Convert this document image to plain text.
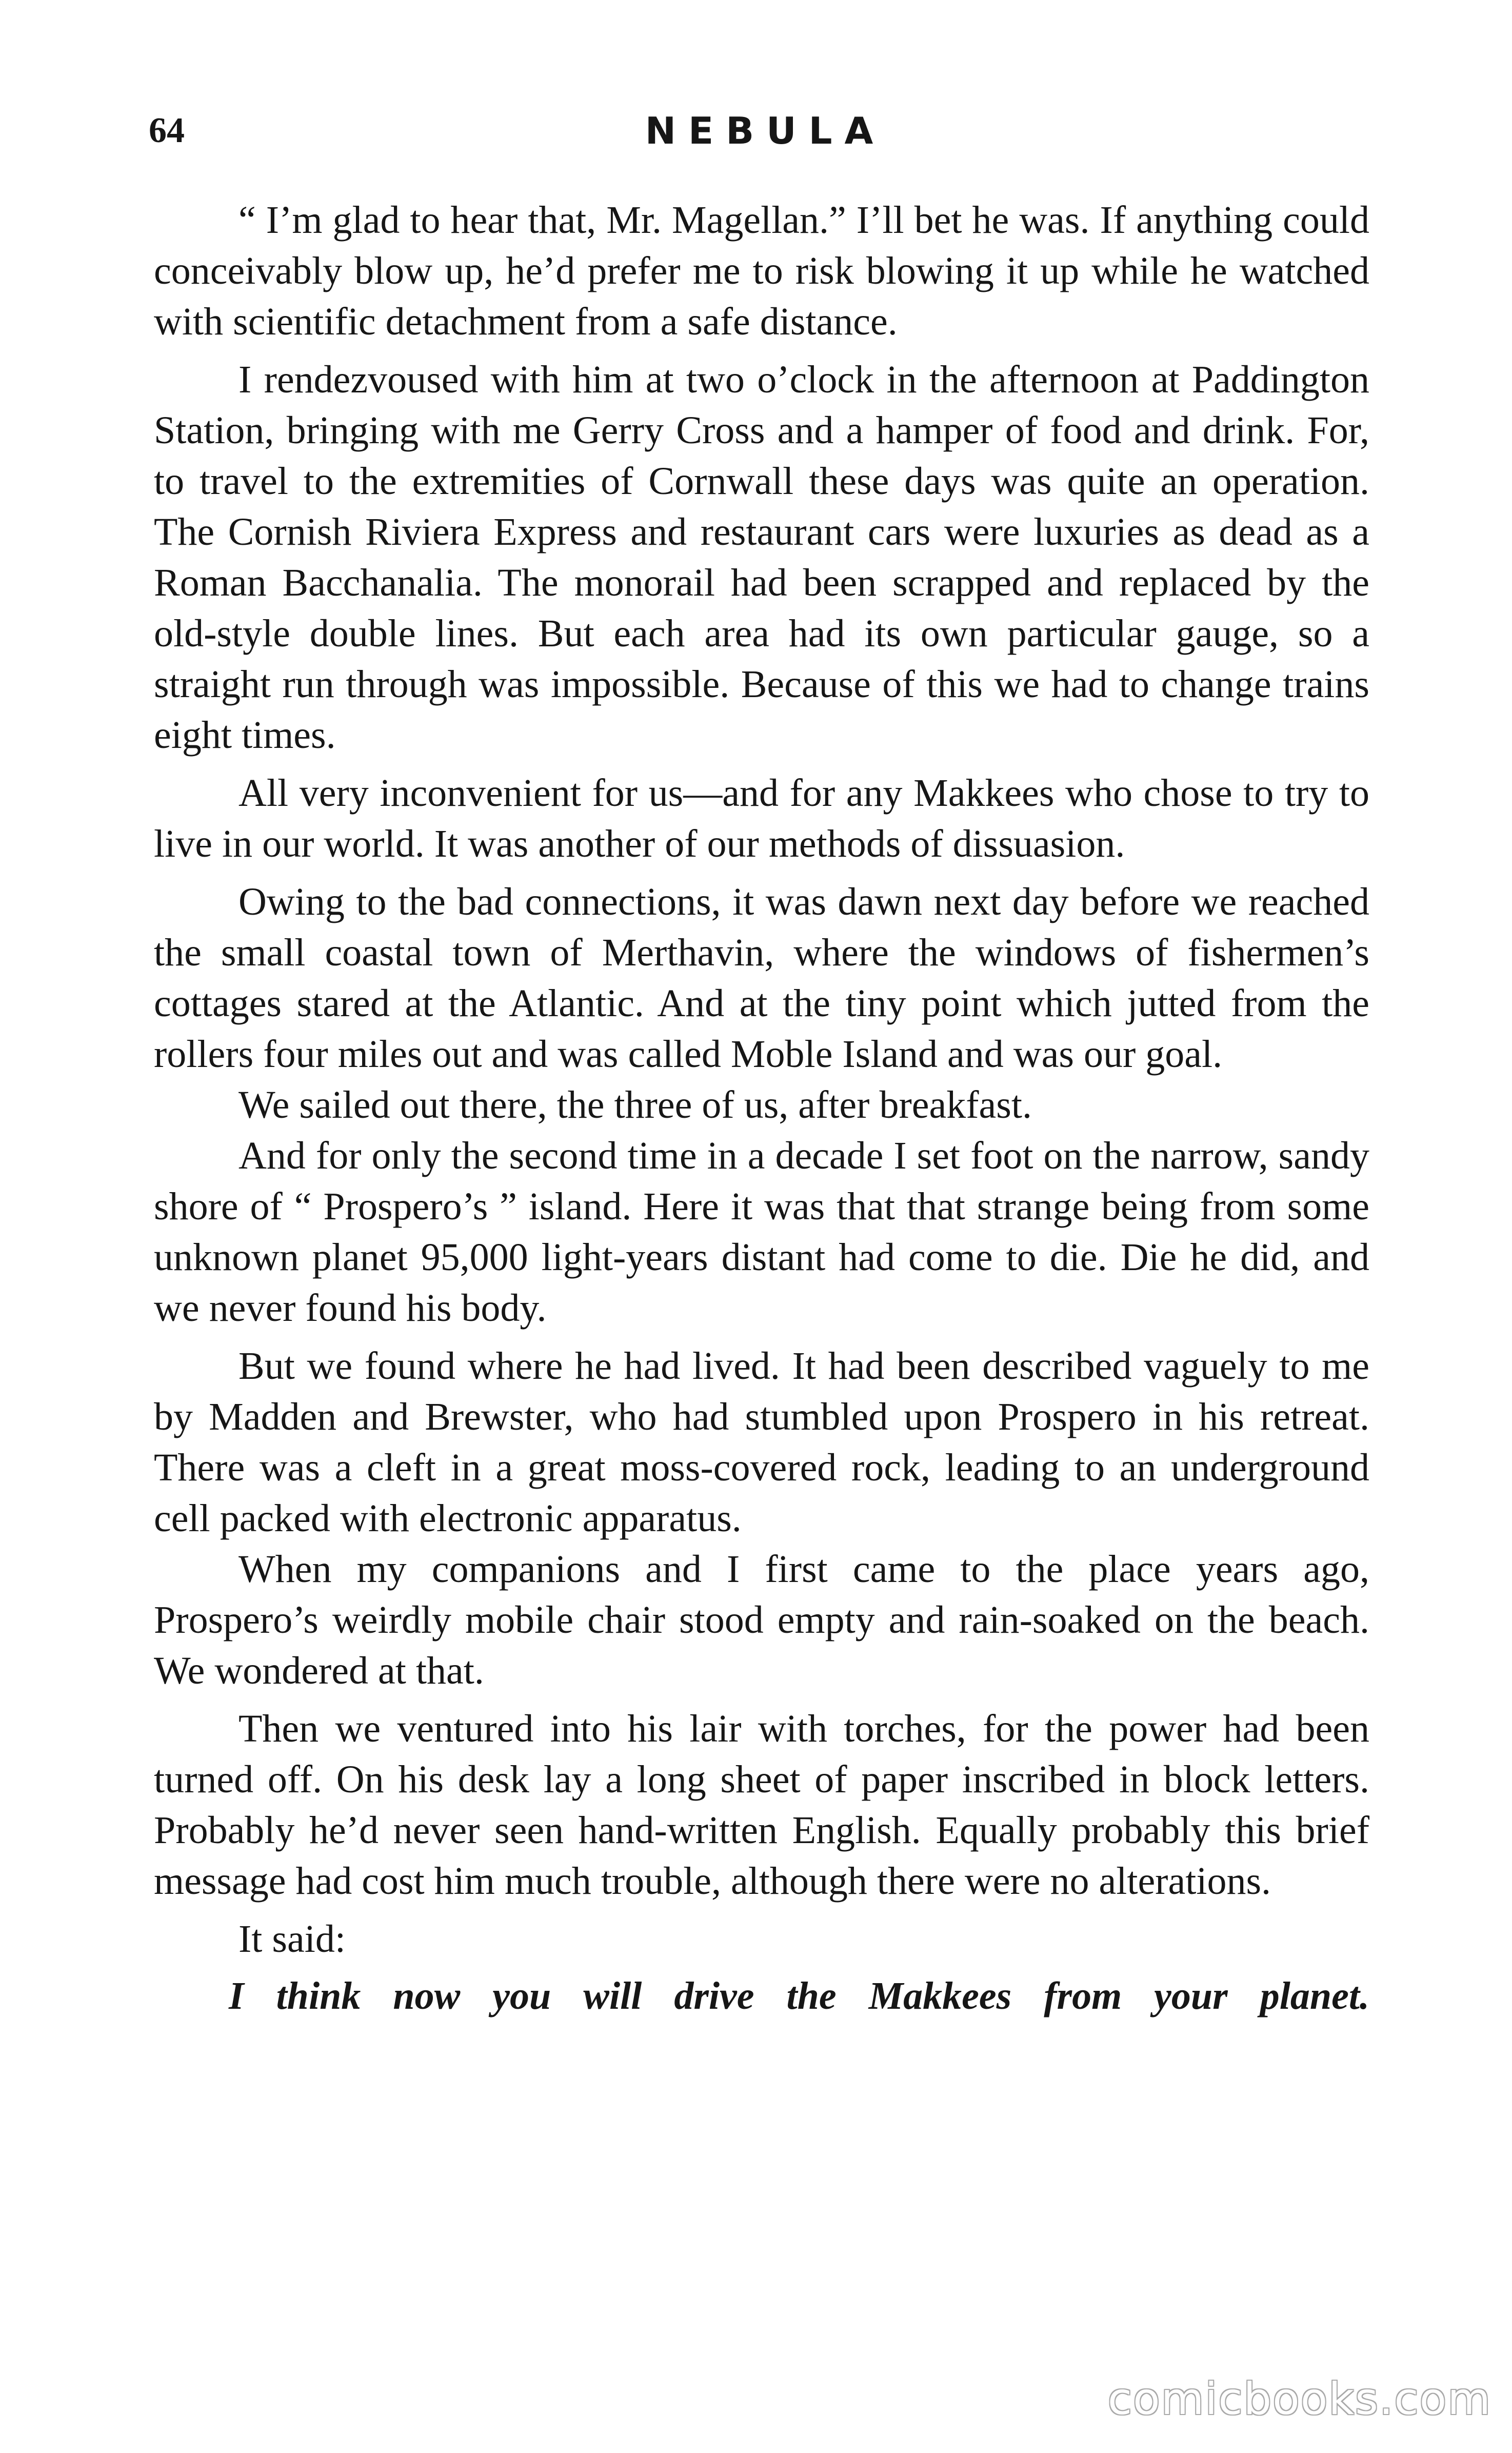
64	NEBULA

“ I’m glad to hear that, Mr. Magellan.” I’ll bet he was. If anything could conceivably blow up, he’d prefer me to risk blowing it up while he watched with scientific detachment from a safe distance.

I rendezvoused with him at two o’clock in the afternoon at Paddington Station, bringing with me Gerry Cross and a hamper of food and drink. For, to travel to the extremities of Cornwall these days was quite an operation. The Cornish Riviera Express and restaurant cars were luxuries as dead as a Roman Bacchanalia. The monorail had been scrapped and replaced by the old-style double lines. But each area had its own particular gauge, so a straight run through was impossible. Because of this we had to change trains eight times.

All very inconvenient for us—and for any Makkees who chose to try to live in our world. It was another of our methods of dissuasion.

Owing to the bad connections, it was dawn next day before we reached the small coastal town of Merthavin, where the windows of fishermen’s cottages stared at the Atlantic. And at the tiny point which jutted from the rollers four miles out and was called Moble Island and was our goal.

We sailed out there, the three of us, after breakfast.

And for only the second time in a decade I set foot on the narrow, sandy shore of “ Prospero’s ” island. Here it was that that strange being from some unknown planet 95,000 light-years distant had come to die. Die he did, and we never found his body.

But we found where he had lived. It had been described vaguely to me by Madden and Brewster, who had stumbled upon Prospero in his retreat. There was a cleft in a great moss-covered rock, leading to an underground cell packed with electronic apparatus.

When my companions and I first came to the place years ago, Prospero’s weirdly mobile chair stood empty and rain-soaked on the beach. We wondered at that.

Then we ventured into his lair with torches, for the power had been turned off. On his desk lay a long sheet of paper inscribed in block letters. Probably he’d never seen hand-written English. Equally probably this brief message had cost him much trouble, although there were no alterations.

It said:

I think now you will drive the Makkees from your planet.

comicbooks.com
